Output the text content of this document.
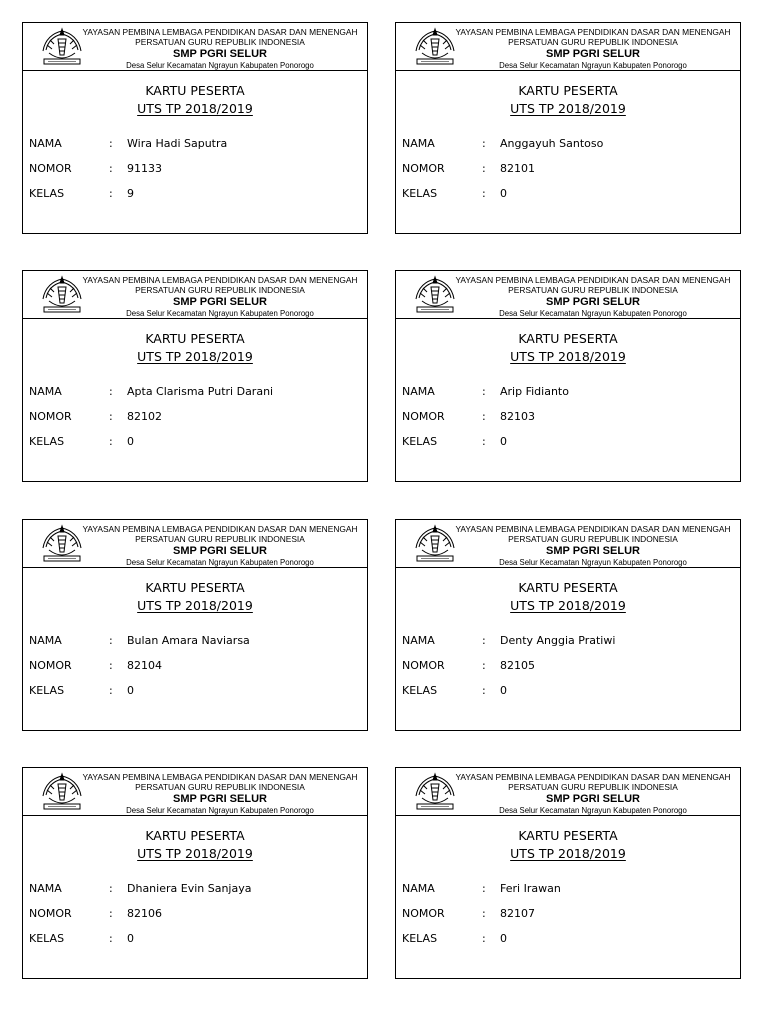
YAYASAN PEMBINA LEMBAGA PENDIDIKAN DASAR DAN MENENGAH
PERSATUAN GURU REPUBLIK INDONESIA
SMP PGRI SELUR
Desa Selur Kecamatan Ngrayun Kabupaten Ponorogo
KARTU PESERTA
UTS TP 2018/2019
NAMA	: Wira Hadi Saputra
NOMOR	: 91133
KELAS	: 9
YAYASAN PEMBINA LEMBAGA PENDIDIKAN DASAR DAN MENENGAH
PERSATUAN GURU REPUBLIK INDONESIA
SMP PGRI SELUR
Desa Selur Kecamatan Ngrayun Kabupaten Ponorogo
KARTU PESERTA
UTS TP 2018/2019
NAMA	: Anggayuh Santoso
NOMOR	: 82101
KELAS	: 0
YAYASAN PEMBINA LEMBAGA PENDIDIKAN DASAR DAN MENENGAH
PERSATUAN GURU REPUBLIK INDONESIA
SMP PGRI SELUR
Desa Selur Kecamatan Ngrayun Kabupaten Ponorogo
KARTU PESERTA
UTS TP 2018/2019
NAMA	: Apta Clarisma Putri Darani
NOMOR	: 82102
KELAS	: 0
YAYASAN PEMBINA LEMBAGA PENDIDIKAN DASAR DAN MENENGAH
PERSATUAN GURU REPUBLIK INDONESIA
SMP PGRI SELUR
Desa Selur Kecamatan Ngrayun Kabupaten Ponorogo
KARTU PESERTA
UTS TP 2018/2019
NAMA	: Arip Fidianto
NOMOR	: 82103
KELAS	: 0
YAYASAN PEMBINA LEMBAGA PENDIDIKAN DASAR DAN MENENGAH
PERSATUAN GURU REPUBLIK INDONESIA
SMP PGRI SELUR
Desa Selur Kecamatan Ngrayun Kabupaten Ponorogo
KARTU PESERTA
UTS TP 2018/2019
NAMA	: Bulan Amara Naviarsa
NOMOR	: 82104
KELAS	: 0
YAYASAN PEMBINA LEMBAGA PENDIDIKAN DASAR DAN MENENGAH
PERSATUAN GURU REPUBLIK INDONESIA
SMP PGRI SELUR
Desa Selur Kecamatan Ngrayun Kabupaten Ponorogo
KARTU PESERTA
UTS TP 2018/2019
NAMA	: Denty Anggia Pratiwi
NOMOR	: 82105
KELAS	: 0
YAYASAN PEMBINA LEMBAGA PENDIDIKAN DASAR DAN MENENGAH
PERSATUAN GURU REPUBLIK INDONESIA
SMP PGRI SELUR
Desa Selur Kecamatan Ngrayun Kabupaten Ponorogo
KARTU PESERTA
UTS TP 2018/2019
NAMA	: Dhaniera Evin Sanjaya
NOMOR	: 82106
KELAS	: 0
YAYASAN PEMBINA LEMBAGA PENDIDIKAN DASAR DAN MENENGAH
PERSATUAN GURU REPUBLIK INDONESIA
SMP PGRI SELUR
Desa Selur Kecamatan Ngrayun Kabupaten Ponorogo
KARTU PESERTA
UTS TP 2018/2019
NAMA	: Feri Irawan
NOMOR	: 82107
KELAS	: 0
